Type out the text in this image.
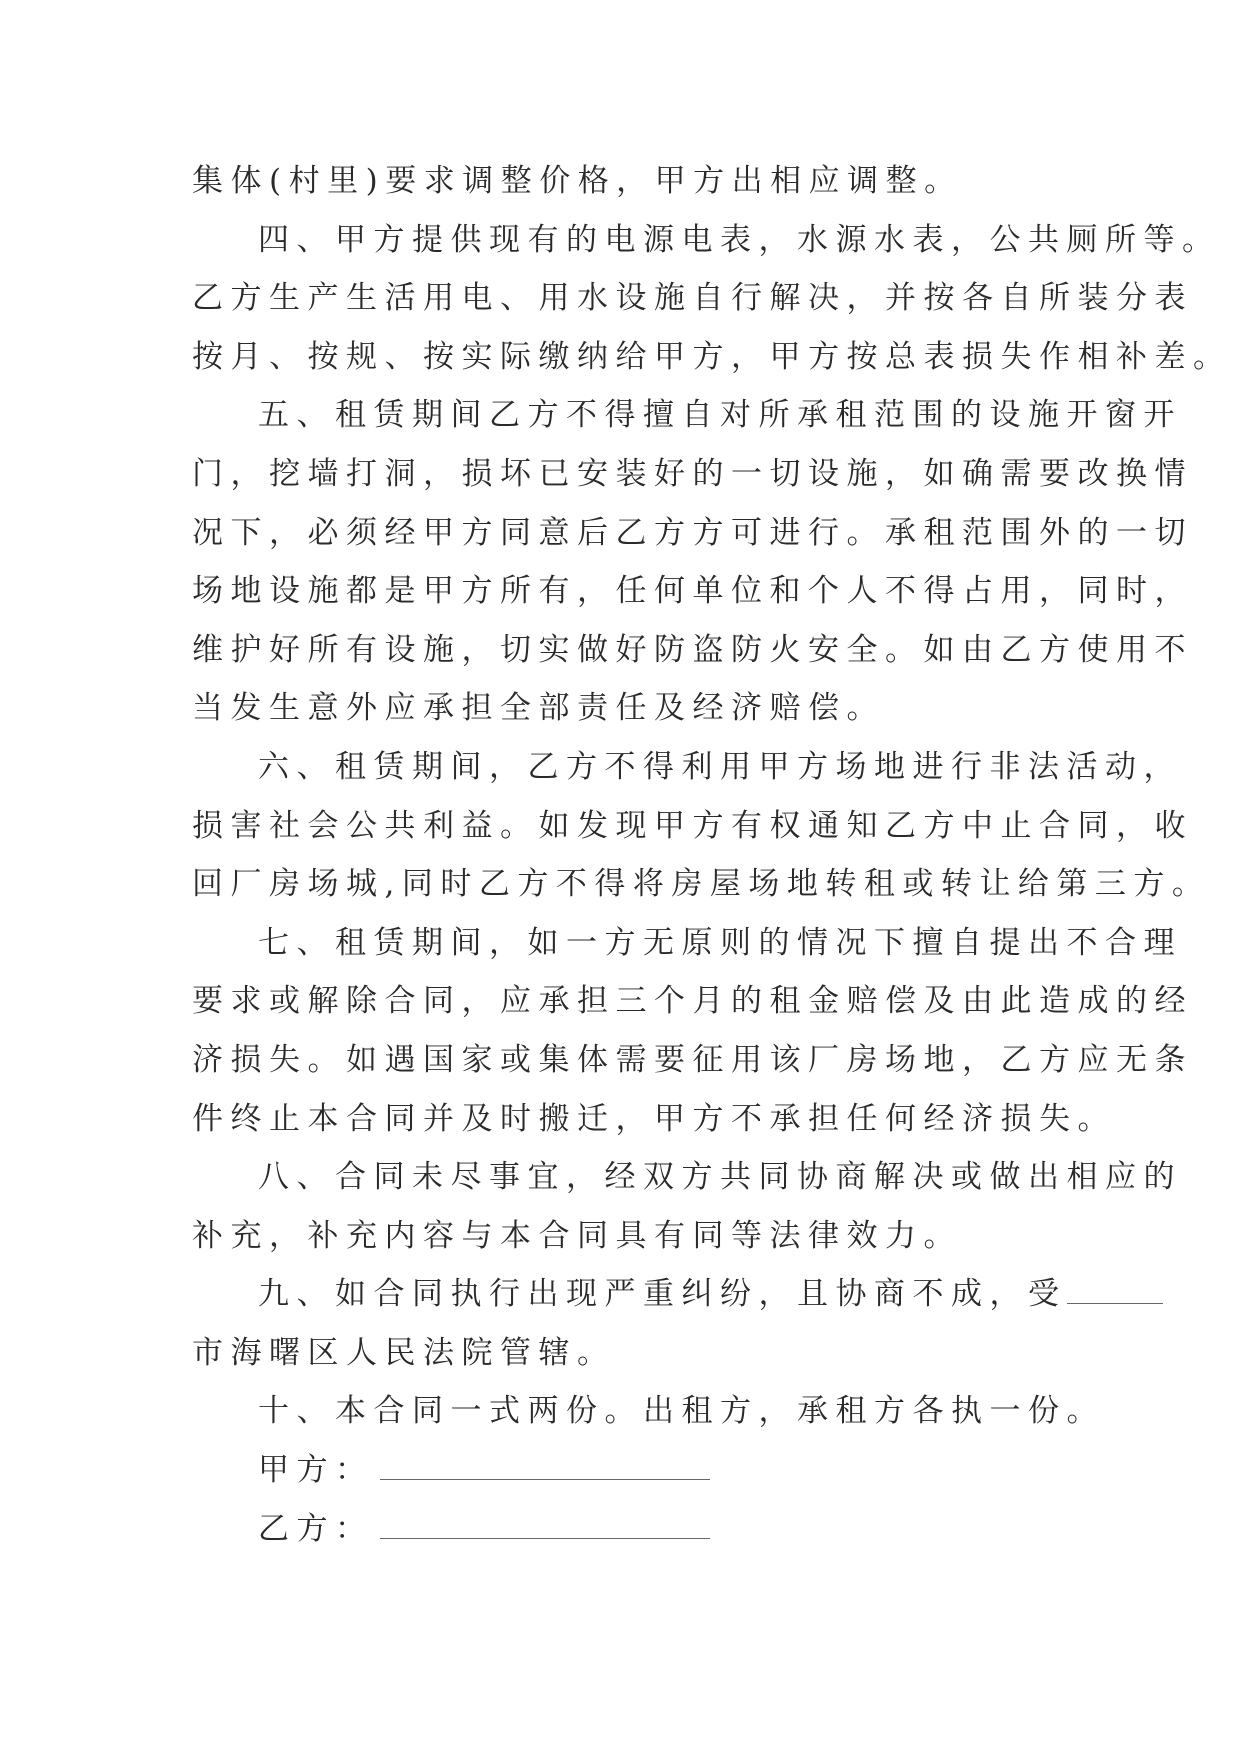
集体(村里)要求调整价格，甲方出相应调整。
四、甲方提供现有的电源电表，水源水表，公共厕所等。
乙方生产生活用电、用水设施自行解决，并按各自所装分表
按月、按规、按实际缴纳给甲方，甲方按总表损失作相补差。
五、租赁期间乙方不得擅自对所承租范围的设施开窗开
门，挖墙打洞，损坏已安装好的一切设施，如确需要改换情
况下，必须经甲方同意后乙方方可进行。承租范围外的一切
场地设施都是甲方所有，任何单位和个人不得占用，同时，
维护好所有设施，切实做好防盗防火安全。如由乙方使用不
当发生意外应承担全部责任及经济赔偿。
六、租赁期间，乙方不得利用甲方场地进行非法活动，
损害社会公共利益。如发现甲方有权通知乙方中止合同，收
回厂房场城,同时乙方不得将房屋场地转租或转让给第三方。
七、租赁期间，如一方无原则的情况下擅自提出不合理
要求或解除合同，应承担三个月的租金赔偿及由此造成的经
济损失。如遇国家或集体需要征用该厂房场地，乙方应无条
件终止本合同并及时搬迁，甲方不承担任何经济损失。
八、合同未尽事宜，经双方共同协商解决或做出相应的
补充，补充内容与本合同具有同等法律效力。
九、如合同执行出现严重纠纷，且协商不成，受
市海曙区人民法院管辖。
十、本合同一式两份。出租方，承租方各执一份。
甲方：
乙方：
